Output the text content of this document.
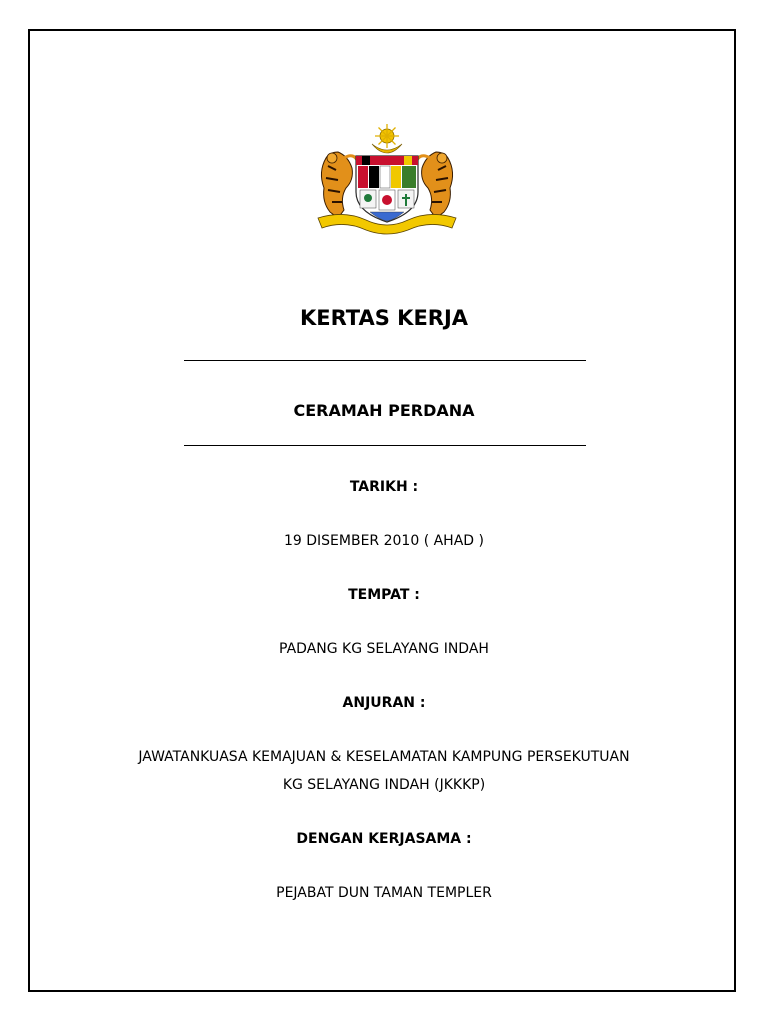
KERTAS KERJA
CERAMAH PERDANA
TARIKH :
19 DISEMBER 2010 ( AHAD )
TEMPAT :
PADANG KG SELAYANG INDAH
ANJURAN :
JAWATANKUASA KEMAJUAN & KESELAMATAN KAMPUNG PERSEKUTUAN
KG SELAYANG INDAH (JKKKP)
DENGAN KERJASAMA :
PEJABAT DUN TAMAN TEMPLER
